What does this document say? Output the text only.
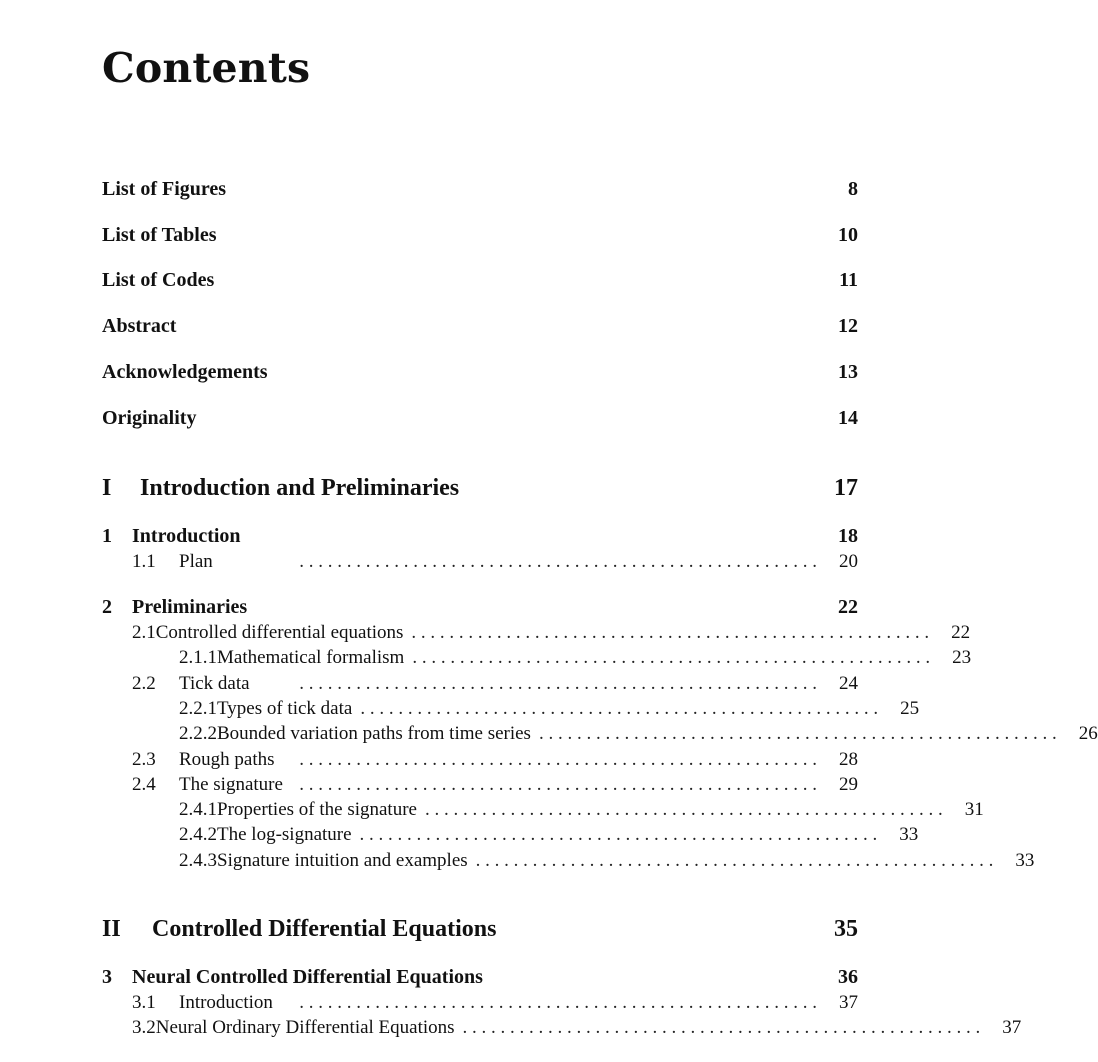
Contents
List of Figures	8
List of Tables	10
List of Codes	11
Abstract	12
Acknowledgements	13
Originality	14
I	Introduction and Preliminaries	17
1	Introduction	18
1.1	Plan	. . . . . . . . . . . . . . . . . . . . . . . . . . . . . . . . . . . . . . . . . . . . . . . . . . . . . . . 20
2	Preliminaries	22
2.1 Controlled differential equations . . . . . . . . . . . . . . . . . . . . . . . . . . . . . . . . . . . . . . . . . . . . . . . . . . . . . . . 22
2.1.1 Mathematical formalism . . . . . . . . . . . . . . . . . . . . . . . . . . . . . . . . . . . . . . . . . . . . . . . . . . . . . . . 23
2.2	Tick data	. . . . . . . . . . . . . . . . . . . . . . . . . . . . . . . . . . . . . . . . . . . . . . . . . . . . . . . 24
2.2.1 Types of tick data . . . . . . . . . . . . . . . . . . . . . . . . . . . . . . . . . . . . . . . . . . . . . . . . . . . . . . . 25
2.2.2 Bounded variation paths from time series . . . . . . . . . . . . . . . . . . . . . . . . . . . . . . . . . . . . . . . . . . . . . . . . . . . . . . . 26
2.3	Rough paths	. . . . . . . . . . . . . . . . . . . . . . . . . . . . . . . . . . . . . . . . . . . . . . . . . . . . . . . 28
2.4	The signature . . . . . . . . . . . . . . . . . . . . . . . . . . . . . . . . . . . . . . . . . . . . . . . . . . . . . . . 29
2.4.1 Properties of the signature . . . . . . . . . . . . . . . . . . . . . . . . . . . . . . . . . . . . . . . . . . . . . . . . . . . . . . . 31
2.4.2 The log-signature . . . . . . . . . . . . . . . . . . . . . . . . . . . . . . . . . . . . . . . . . . . . . . . . . . . . . . . 33
2.4.3 Signature intuition and examples . . . . . . . . . . . . . . . . . . . . . . . . . . . . . . . . . . . . . . . . . . . . . . . . . . . . . . . 33
II	Controlled Differential Equations	35
3	Neural Controlled Differential Equations	36
3.1	Introduction	. . . . . . . . . . . . . . . . . . . . . . . . . . . . . . . . . . . . . . . . . . . . . . . . . . . . . . . 37
3.2 Neural Ordinary Differential Equations . . . . . . . . . . . . . . . . . . . . . . . . . . . . . . . . . . . . . . . . . . . . . . . . . . . . . . . 37
